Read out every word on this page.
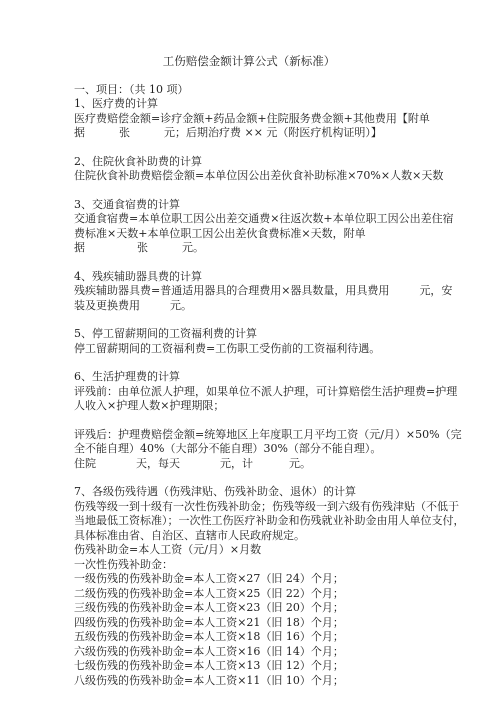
工伤赔偿金额计算公式（新标准）
一、项目：（共 10 项）
1、医疗费的计算
医疗费赔偿金额=诊疗金额+药品金额+住院服务费金额+其他费用【附单
据	张	元；后期治疗费 ×× 元（附医疗机构证明）】
2、住院伙食补助费的计算
住院伙食补助费赔偿金额=本单位因公出差伙食补助标准×70%×人数×天数
3、交通食宿费的计算
交通食宿费=本单位职工因公出差交通费×往返次数+本单位职工因公出差住宿
费标准×天数+本单位职工因公出差伙食费标准×天数，附单
据	张	元。
4、残疾辅助器具费的计算
残疾辅助器具费=普通适用器具的合理费用×器具数量，用具费用	元，安
装及更换费用	元。
5、停工留薪期间的工资福利费的计算
停工留薪期间的工资福利费=工伤职工受伤前的工资福利待遇。
6、生活护理费的计算
评残前：由单位派人护理，如果单位不派人护理，可计算赔偿生活护理费=护理
人收入×护理人数×护理期限；
评残后：护理费赔偿金额=统筹地区上年度职工月平均工资（元/月）×50%（完
全不能自理）40%（大部分不能自理）30%（部分不能自理）。
住院	天，每天	元，计	元。
7、各级伤残待遇（伤残津贴、伤残补助金、退休）的计算
伤残等级一到十级有一次性伤残补助金；伤残等级一到六级有伤残津贴（不低于
当地最低工资标准）；一次性工伤医疗补助金和伤残就业补助金由用人单位支付，
具体标准由省、自治区、直辖市人民政府规定。
伤残补助金=本人工资（元/月）×月数
一次性伤残补助金：
一级伤残的伤残补助金=本人工资×27（旧 24）个月；
二级伤残的伤残补助金=本人工资×25（旧 22）个月；
三级伤残的伤残补助金=本人工资×23（旧 20）个月；
四级伤残的伤残补助金=本人工资×21（旧 18）个月；
五级伤残的伤残补助金=本人工资×18（旧 16）个月；
六级伤残的伤残补助金=本人工资×16（旧 14）个月；
七级伤残的伤残补助金=本人工资×13（旧 12）个月；
八级伤残的伤残补助金=本人工资×11（旧 10）个月；
